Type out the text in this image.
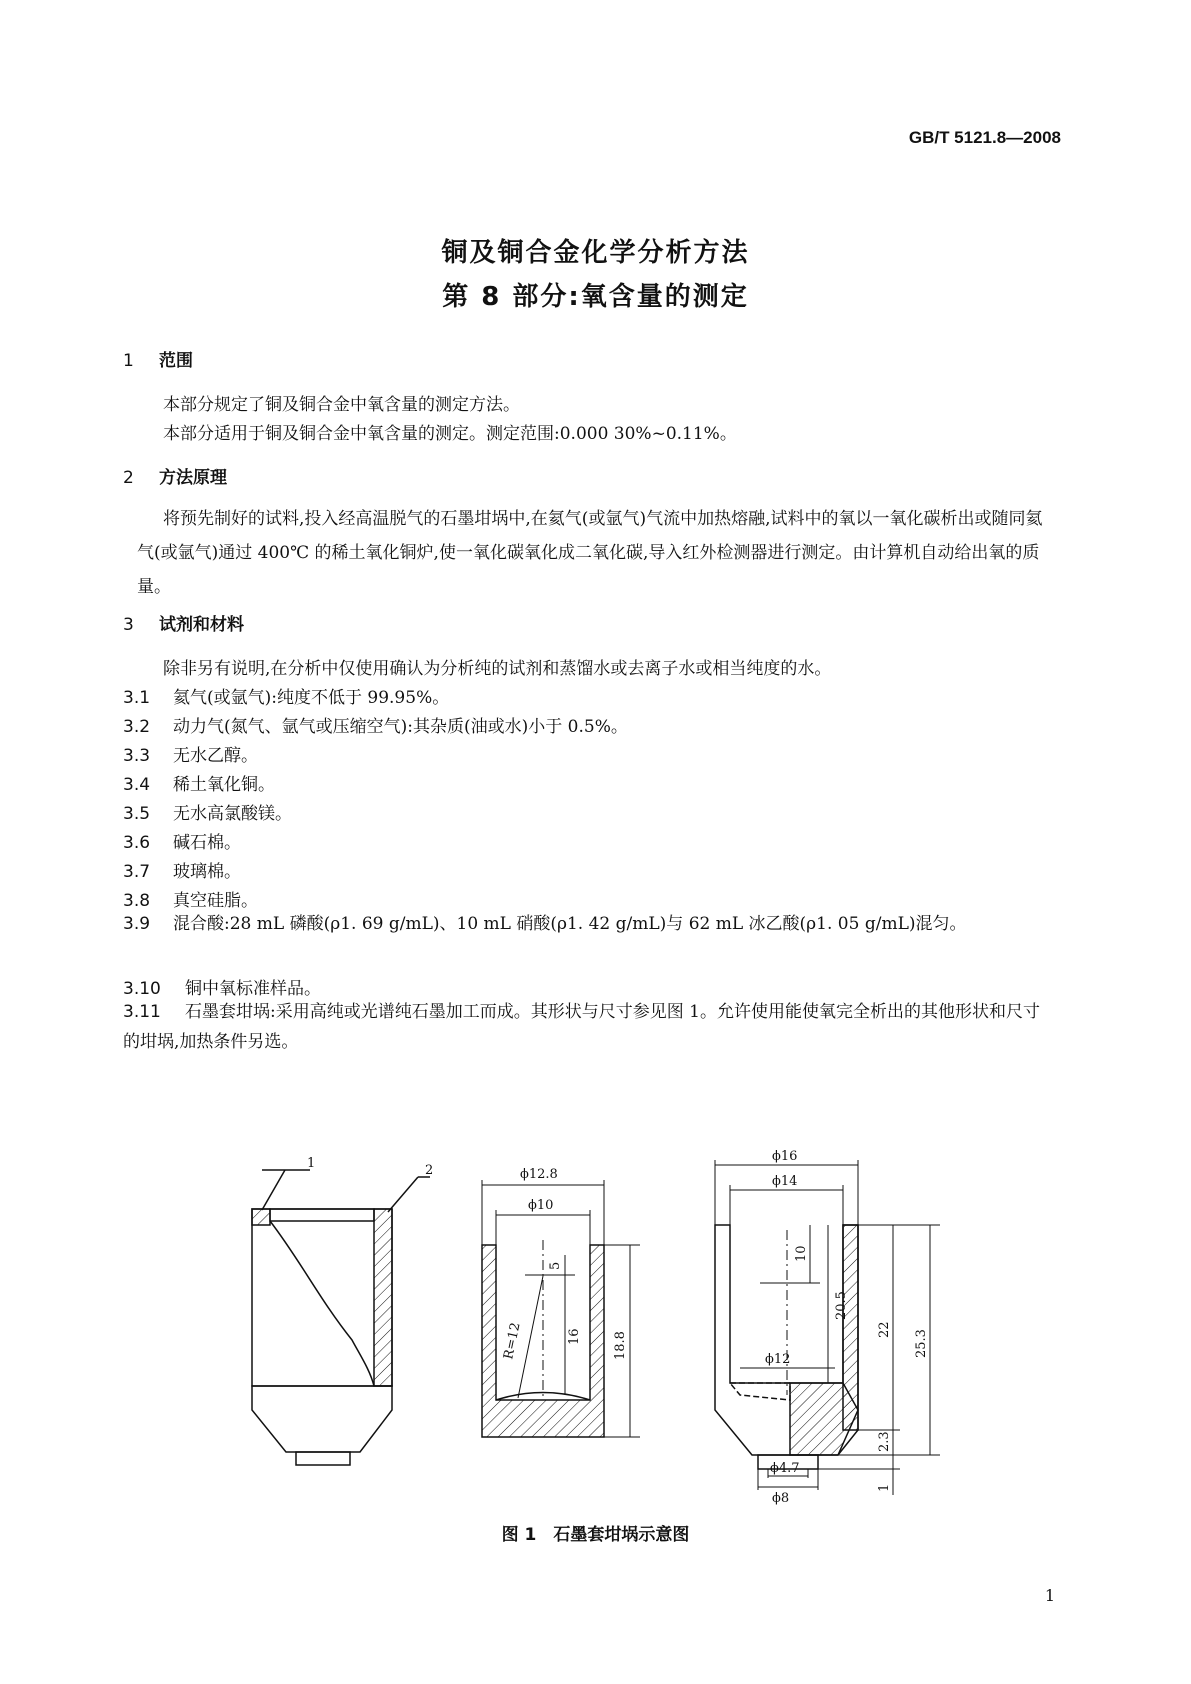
GB/T 5121.8—2008
铜及铜合金化学分析方法
第 8 部分:氧含量的测定
1 范围
本部分规定了铜及铜合金中氧含量的测定方法。
本部分适用于铜及铜合金中氧含量的测定。测定范围:0.000 30%~0.11%。
2 方法原理
将预先制好的试料,投入经高温脱气的石墨坩埚中,在氦气(或氩气)气流中加热熔融,试料中的氧以一氧化碳析出或随同氦气(或氩气)通过 400℃ 的稀土氧化铜炉,使一氧化碳氧化成二氧化碳,导入红外检测器进行测定。由计算机自动给出氧的质量。
3 试剂和材料
除非另有说明,在分析中仅使用确认为分析纯的试剂和蒸馏水或去离子水或相当纯度的水。
3.1 氦气(或氩气):纯度不低于 99.95%。
3.2 动力气(氮气、氩气或压缩空气):其杂质(油或水)小于 0.5%。
3.3 无水乙醇。
3.4 稀土氧化铜。
3.5 无水高氯酸镁。
3.6 碱石棉。
3.7 玻璃棉。
3.8 真空硅脂。
3.9 混合酸:28 mL 磷酸(ρ1. 69 g/mL)、10 mL 硝酸(ρ1. 42 g/mL)与 62 mL 冰乙酸(ρ1. 05 g/mL)混匀。
3.10 铜中氧标准样品。
3.11 石墨套坩埚:采用高纯或光谱纯石墨加工而成。其形状与尺寸参见图 1。允许使用能使氧完全析出的其他形状和尺寸的坩埚,加热条件另选。
1	2	ϕ12.8
ϕ10
5
16 18.8
R=12
ϕ16
ϕ14
10
ϕ12
20.5
22 25.3
2.3
1
ϕ4.7
ϕ8
图 1　石墨套坩埚示意图
1
